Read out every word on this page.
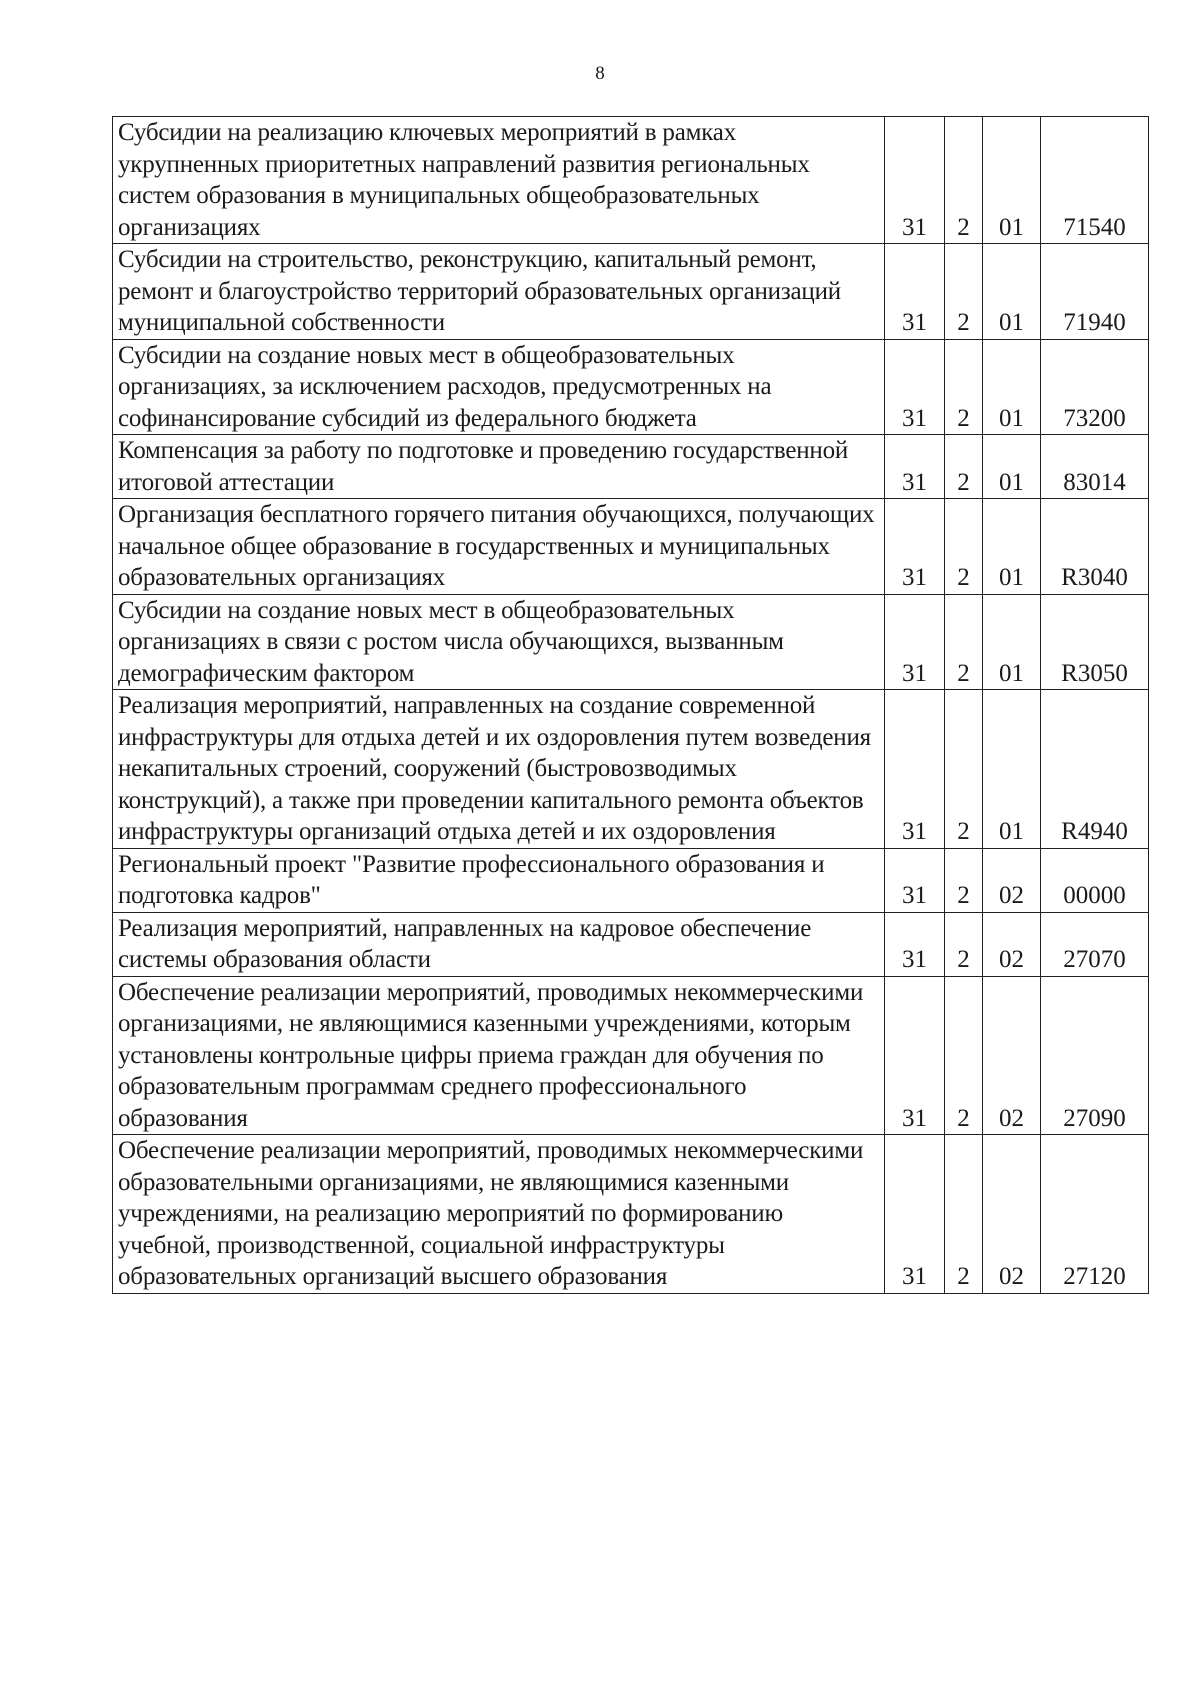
8
Субсидии на реализацию ключевых мероприятий в рамках укрупненных приоритетных направлений развития региональных систем образования в муниципальных общеобразовательных организациях	31	2	01	71540
Субсидии на строительство, реконструкцию, капитальный ремонт, ремонт и благоустройство территорий образовательных организаций муниципальной собственности	31	2	01	71940
Субсидии на создание новых мест в общеобразовательных организациях, за исключением расходов, предусмотренных на софинансирование субсидий из федерального бюджета	31	2	01	73200
Компенсация за работу по подготовке и проведению государственной итоговой аттестации	31	2	01	83014
Организация бесплатного горячего питания обучающихся, получающих начальное общее образование в государственных и муниципальных образовательных организациях	31	2	01	R3040
Субсидии на создание новых мест в общеобразовательных организациях в связи с ростом числа обучающихся, вызванным демографическим фактором	31	2	01	R3050
Реализация мероприятий, направленных на создание современной инфраструктуры для отдыха детей и их оздоровления путем возведения некапитальных строений, сооружений (быстровозводимых конструкций), а также при проведении капитального ремонта объектов инфраструктуры организаций отдыха детей и их оздоровления	31	2	01	R4940
Региональный проект "Развитие профессионального образования и подготовка кадров"	31	2	02	00000
Реализация мероприятий, направленных на кадровое обеспечение системы образования области	31	2	02	27070
Обеспечение реализации мероприятий, проводимых некоммерческими организациями, не являющимися казенными учреждениями, которым установлены контрольные цифры приема граждан для обучения по образовательным программам среднего профессионального образования	31	2	02	27090
Обеспечение реализации мероприятий, проводимых некоммерческими образовательными организациями, не являющимися казенными учреждениями, на реализацию мероприятий по формированию учебной, производственной, социальной инфраструктуры образовательных организаций высшего образования	31	2	02	27120
